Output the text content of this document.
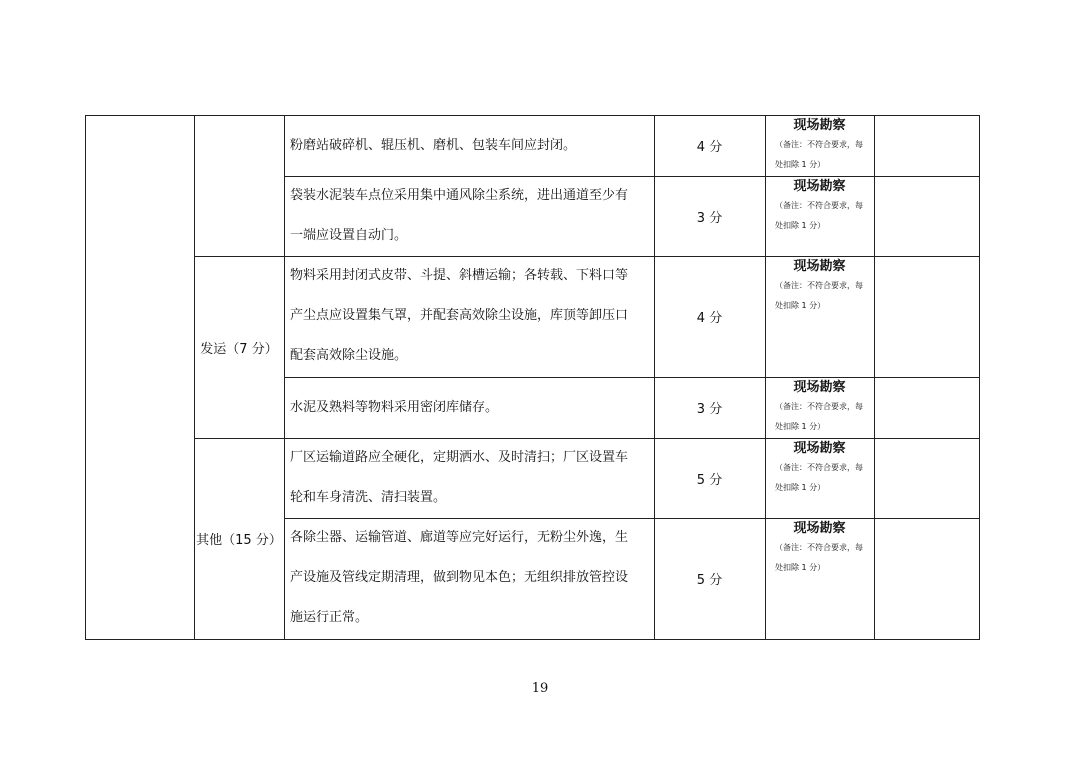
发运（7 分）
其他（15 分）
粉磨站破碎机、辊压机、磨机、包装车间应封闭。	4 分
现场勘察
（备注：不符合要求，每
处扣除 1 分）
袋装水泥装车点位采用集中通风除尘系统，进出通道至少有
一端应设置自动门。
3 分
现场勘察
（备注：不符合要求，每
处扣除 1 分）
物料采用封闭式皮带、斗提、斜槽运输；各转载、下料口等
产尘点应设置集气罩，并配套高效除尘设施，库顶等卸压口
配套高效除尘设施。
4 分
现场勘察
（备注：不符合要求，每
处扣除 1 分）
水泥及熟料等物料采用密闭库储存。	3 分
现场勘察
（备注：不符合要求，每
处扣除 1 分）
厂区运输道路应全硬化，定期洒水、及时清扫；厂区设置车
轮和车身清洗、清扫装置。
5 分
现场勘察
（备注：不符合要求，每
处扣除 1 分）
各除尘器、运输管道、廊道等应完好运行，无粉尘外逸，生
产设施及管线定期清理，做到物见本色；无组织排放管控设
施运行正常。
5 分
现场勘察
（备注：不符合要求，每
处扣除 1 分）
19
